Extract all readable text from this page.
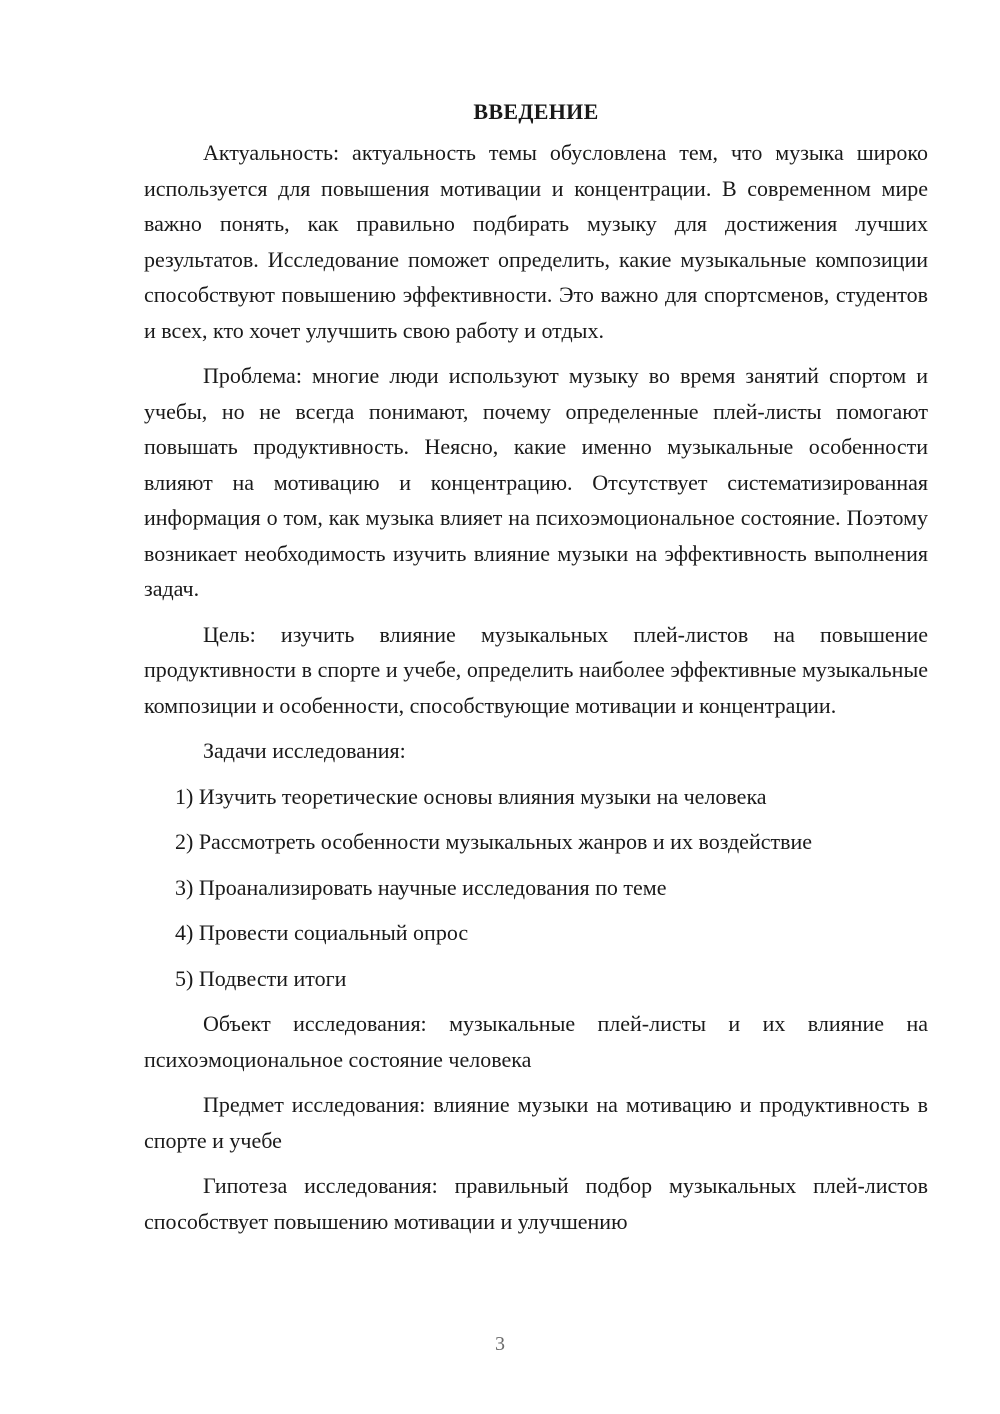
ВВЕДЕНИЕ

Актуальность: актуальность темы обусловлена тем, что музыка широко используется для повышения мотивации и концентрации. В современном мире важно понять, как правильно подбирать музыку для достижения лучших результатов. Исследование поможет определить, какие музыкальные композиции способствуют повышению эффективности. Это важно для спортсменов, студентов и всех, кто хочет улучшить свою работу и отдых.

Проблема: многие люди используют музыку во время занятий спортом и учебы, но не всегда понимают, почему определенные плей-листы помогают повышать продуктивность. Неясно, какие именно музыкальные особенности влияют на мотивацию и концентрацию. Отсутствует систематизированная информация о том, как музыка влияет на психоэмоциональное состояние. Поэтому возникает необходимость изучить влияние музыки на эффективность выполнения задач.

Цель: изучить влияние музыкальных плей-листов на повышение продуктивности в спорте и учебе, определить наиболее эффективные музыкальные композиции и особенности, способствующие мотивации и концентрации.

Задачи исследования:

1) Изучить теоретические основы влияния музыки на человека
2) Рассмотреть особенности музыкальных жанров и их воздействие
3) Проанализировать научные исследования по теме
4) Провести социальный опрос
5) Подвести итоги

Объект исследования: музыкальные плей-листы и их влияние на психоэмоциональное состояние человека

Предмет исследования: влияние музыки на мотивацию и продуктивность в спорте и учебе

Гипотеза исследования: правильный подбор музыкальных плей-листов способствует повышению мотивации и улучшению

3
